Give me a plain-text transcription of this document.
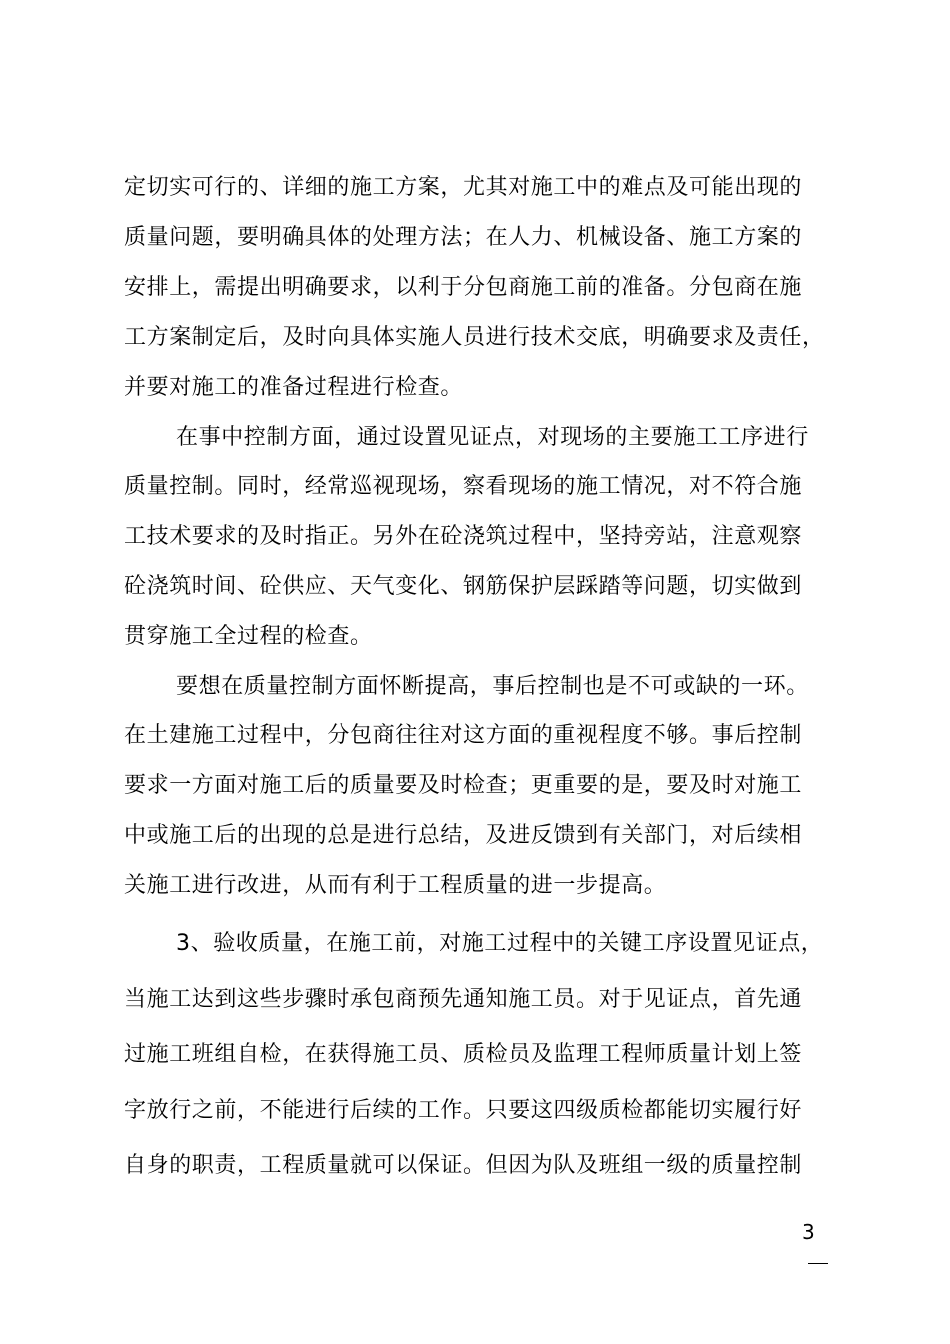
定切实可行的、详细的施工方案，尤其对施工中的难点及可能出现的
质量问题，要明确具体的处理方法；在人力、机械设备、施工方案的
安排上，需提出明确要求，以利于分包商施工前的准备。分包商在施
工方案制定后，及时向具体实施人员进行技术交底，明确要求及责任，
并要对施工的准备过程进行检查。
在事中控制方面，通过设置见证点，对现场的主要施工工序进行
质量控制。同时，经常巡视现场，察看现场的施工情况，对不符合施
工技术要求的及时指正。另外在砼浇筑过程中，坚持旁站，注意观察
砼浇筑时间、砼供应、天气变化、钢筋保护层踩踏等问题，切实做到
贯穿施工全过程的检查。
要想在质量控制方面怀断提高，事后控制也是不可或缺的一环。
在土建施工过程中，分包商往往对这方面的重视程度不够。事后控制
要求一方面对施工后的质量要及时检查；更重要的是，要及时对施工
中或施工后的出现的总是进行总结，及进反馈到有关部门，对后续相
关施工进行改进，从而有利于工程质量的进一步提高。
3、验收质量，在施工前，对施工过程中的关键工序设置见证点，
当施工达到这些步骤时承包商预先通知施工员。对于见证点，首先通
过施工班组自检，在获得施工员、质检员及监理工程师质量计划上签
字放行之前，不能进行后续的工作。只要这四级质检都能切实履行好
自身的职责，工程质量就可以保证。但因为队及班组一级的质量控制
3
